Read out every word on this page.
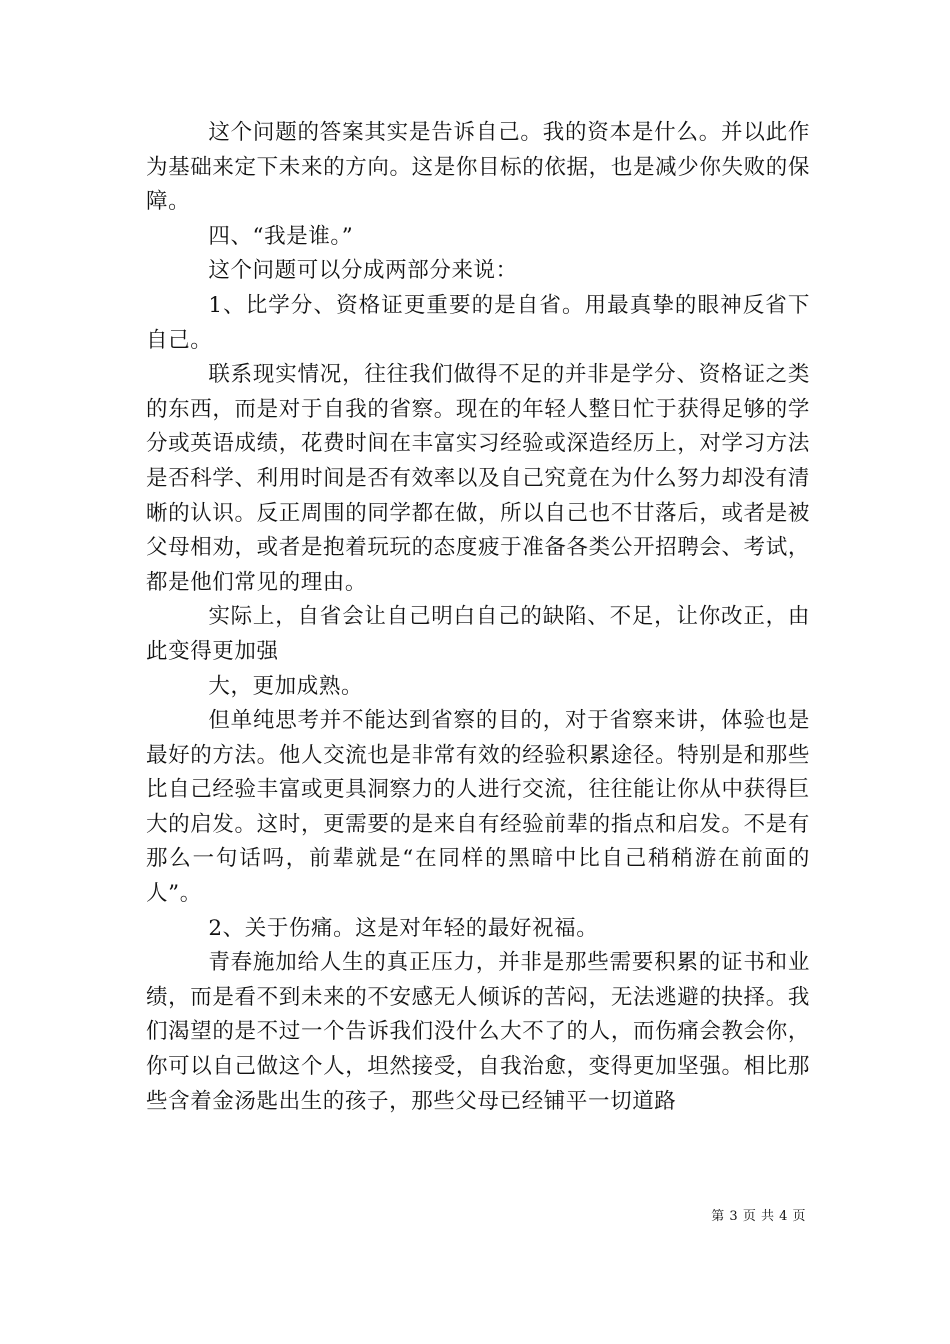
这个问题的答案其实是告诉自己。我的资本是什么。并以此作为基础来定下未来的方向。这是你目标的依据，也是减少你失败的保障。

四、“我是谁。”

这个问题可以分成两部分来说：

1、比学分、资格证更重要的是自省。用最真挚的眼神反省下自己。

联系现实情况，往往我们做得不足的并非是学分、资格证之类的东西，而是对于自我的省察。现在的年轻人整日忙于获得足够的学分或英语成绩，花费时间在丰富实习经验或深造经历上，对学习方法是否科学、利用时间是否有效率以及自己究竟在为什么努力却没有清晰的认识。反正周围的同学都在做，所以自己也不甘落后，或者是被父母相劝，或者是抱着玩玩的态度疲于准备各类公开招聘会、考试，都是他们常见的理由。

实际上，自省会让自己明白自己的缺陷、不足，让你改正，由此变得更加强

大，更加成熟。

但单纯思考并不能达到省察的目的，对于省察来讲，体验也是最好的方法。他人交流也是非常有效的经验积累途径。特别是和那些比自己经验丰富或更具洞察力的人进行交流，往往能让你从中获得巨大的启发。这时，更需要的是来自有经验前辈的指点和启发。不是有那么一句话吗，前辈就是“在同样的黑暗中比自己稍稍游在前面的人”。

2、关于伤痛。这是对年轻的最好祝福。

青春施加给人生的真正压力，并非是那些需要积累的证书和业绩，而是看不到未来的不安感无人倾诉的苦闷，无法逃避的抉择。我们渴望的是不过一个告诉我们没什么大不了的人，而伤痛会教会你，你可以自己做这个人，坦然接受，自我治愈，变得更加坚强。相比那些含着金汤匙出生的孩子，那些父母已经铺平一切道路

第 3 页 共 4 页
